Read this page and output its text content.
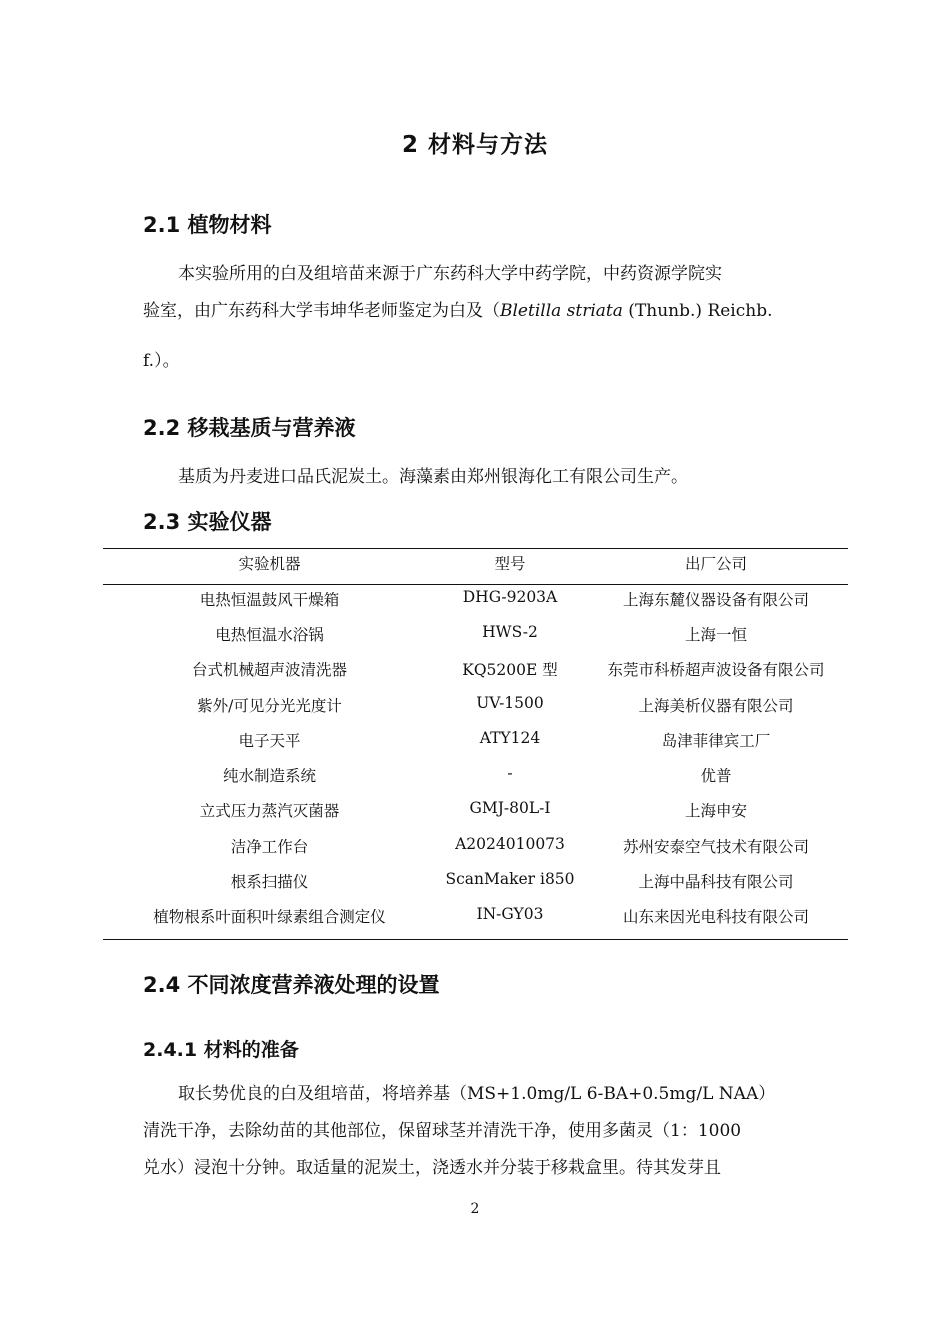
2 材料与方法
2.1 植物材料
本实验所用的白及组培苗来源于广东药科大学中药学院，中药资源学院实
验室，由广东药科大学韦坤华老师鉴定为白及（Bletilla striata (Thunb.) Reichb.
f.）。
2.2 移栽基质与营养液
基质为丹麦进口品氏泥炭土。海藻素由郑州银海化工有限公司生产。
2.3 实验仪器
实验机器	型号	出厂公司
电热恒温鼓风干燥箱	DHG-9203A	上海东麓仪器设备有限公司
电热恒温水浴锅	HWS-2	上海一恒
台式机械超声波清洗器	KQ5200E 型	东莞市科桥超声波设备有限公司
紫外/可见分光光度计	UV-1500	上海美析仪器有限公司
电子天平	ATY124	岛津菲律宾工厂
纯水制造系统	-	优普
立式压力蒸汽灭菌器	GMJ-80L-I	上海申安
洁净工作台	A2024010073	苏州安泰空气技术有限公司
根系扫描仪	ScanMaker i850	上海中晶科技有限公司
植物根系叶面积叶绿素组合测定仪	IN-GY03	山东来因光电科技有限公司
2.4 不同浓度营养液处理的设置
2.4.1 材料的准备
取长势优良的白及组培苗，将培养基（MS+1.0mg/L 6-BA+0.5mg/L NAA）
清洗干净，去除幼苗的其他部位，保留球茎并清洗干净，使用多菌灵（1：1000
兑水）浸泡十分钟。取适量的泥炭土，浇透水并分装于移栽盒里。待其发芽且
2
